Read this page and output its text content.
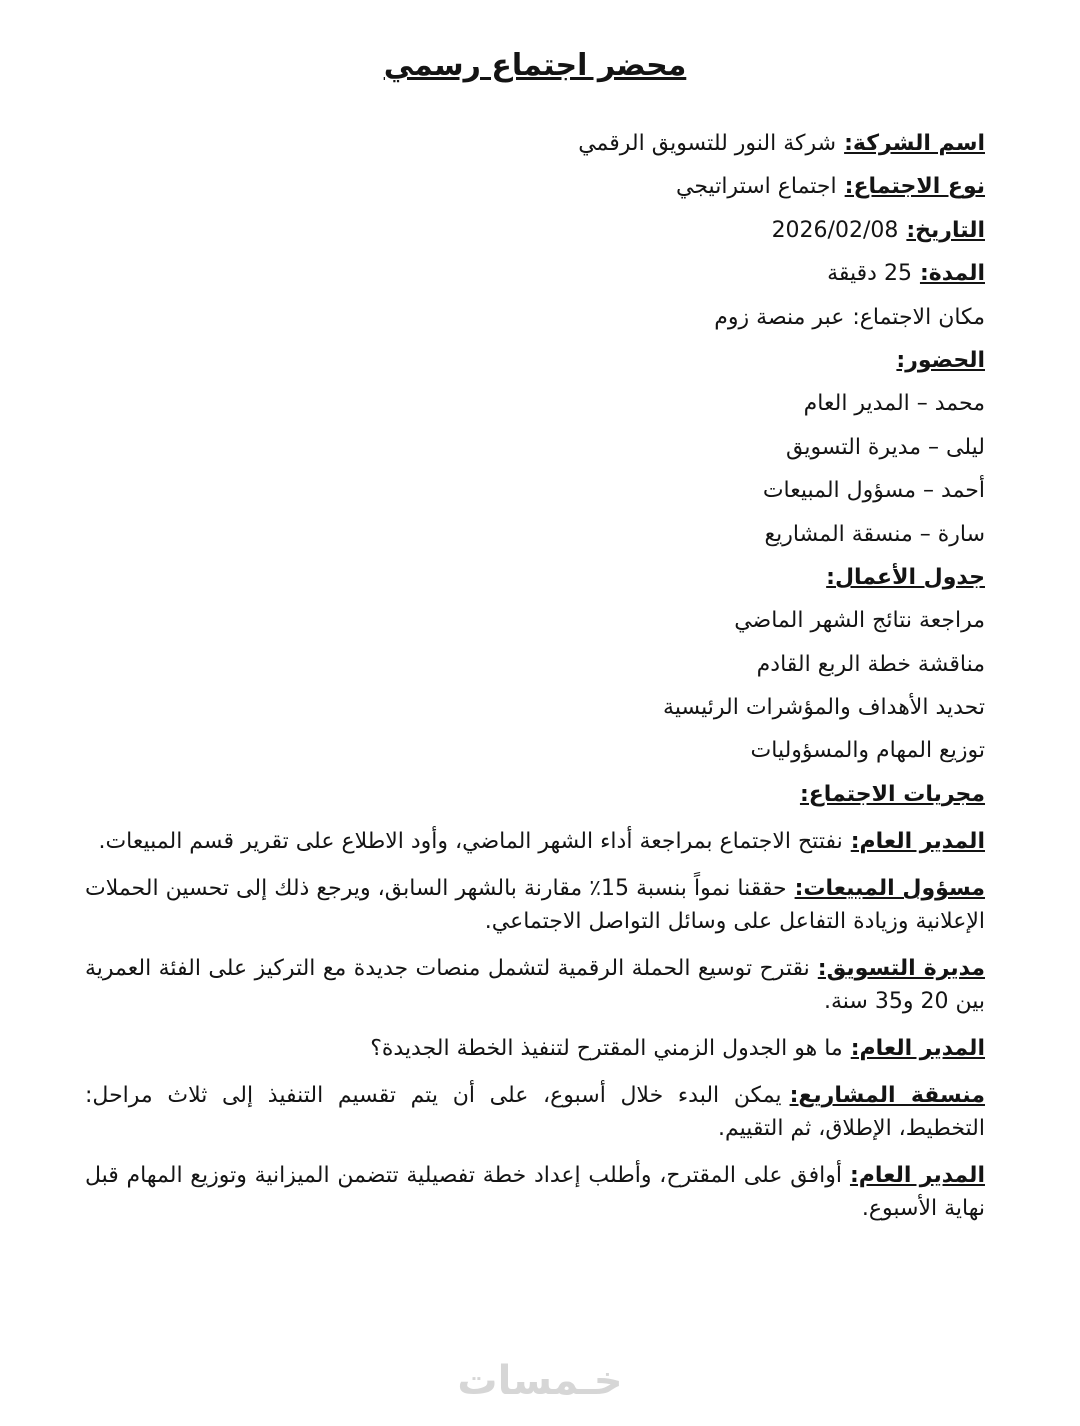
محضر اجتماع رسمي

اسم الشركة:شركة النور للتسويق الرقمي

نوع الاجتماع:اجتماع استراتيجي

التاريخ:2026/02/08

المدة:25 دقيقة

مكان الاجتماع:عبر منصة زوم

الحضور:

محمد – المدير العام

ليلى – مديرة التسويق

أحمد – مسؤول المبيعات

سارة – منسقة المشاريع

جدول الأعمال:

مراجعة نتائج الشهر الماضي

مناقشة خطة الربع القادم

تحديد الأهداف والمؤشرات الرئيسية

توزيع المهام والمسؤوليات

مجريات الاجتماع:

المدير العام:نفتتح الاجتماع بمراجعة أداء الشهر الماضي، وأود الاطلاع على تقرير قسم المبيعات.

مسؤول المبيعات:حققنا نمواً بنسبة 15٪ مقارنة بالشهر السابق، ويرجع ذلك إلى تحسين الحملات الإعلانية وزيادة التفاعل على وسائل التواصل الاجتماعي.

مديرة التسويق:نقترح توسيع الحملة الرقمية لتشمل منصات جديدة مع التركيز على الفئة العمرية بين 20 و35 سنة.

المدير العام:ما هو الجدول الزمني المقترح لتنفيذ الخطة الجديدة؟

منسقة المشاريع:يمكن البدء خلال أسبوع، على أن يتم تقسيم التنفيذ إلى ثلاث مراحل: التخطيط، الإطلاق، ثم التقييم.

المدير العام:أوافق على المقترح، وأطلب إعداد خطة تفصيلية تتضمن الميزانية وتوزيع المهام قبل نهاية الأسبوع.

خـمسات
